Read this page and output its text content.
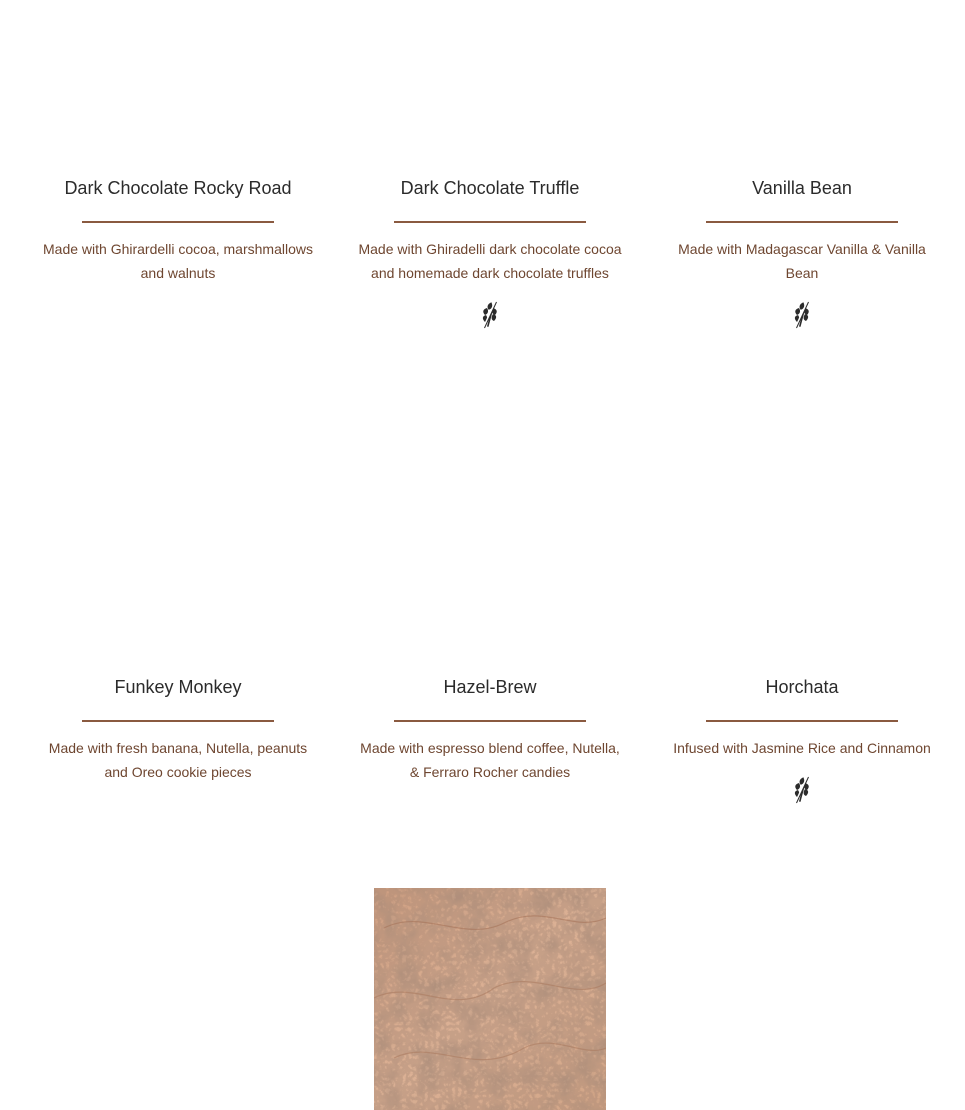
Dark Chocolate Rocky Road
Made with Ghirardelli cocoa, marshmallows and walnuts
Dark Chocolate Truffle
Made with Ghiradelli dark chocolate cocoa and homemade dark chocolate truffles
Vanilla Bean
Made with Madagascar Vanilla & Vanilla Bean
Funkey Monkey
Made with fresh banana, Nutella, peanuts and Oreo cookie pieces
Hazel-Brew
Made with espresso blend coffee, Nutella, & Ferraro Rocher candies
Horchata
Infused with Jasmine Rice and Cinnamon
